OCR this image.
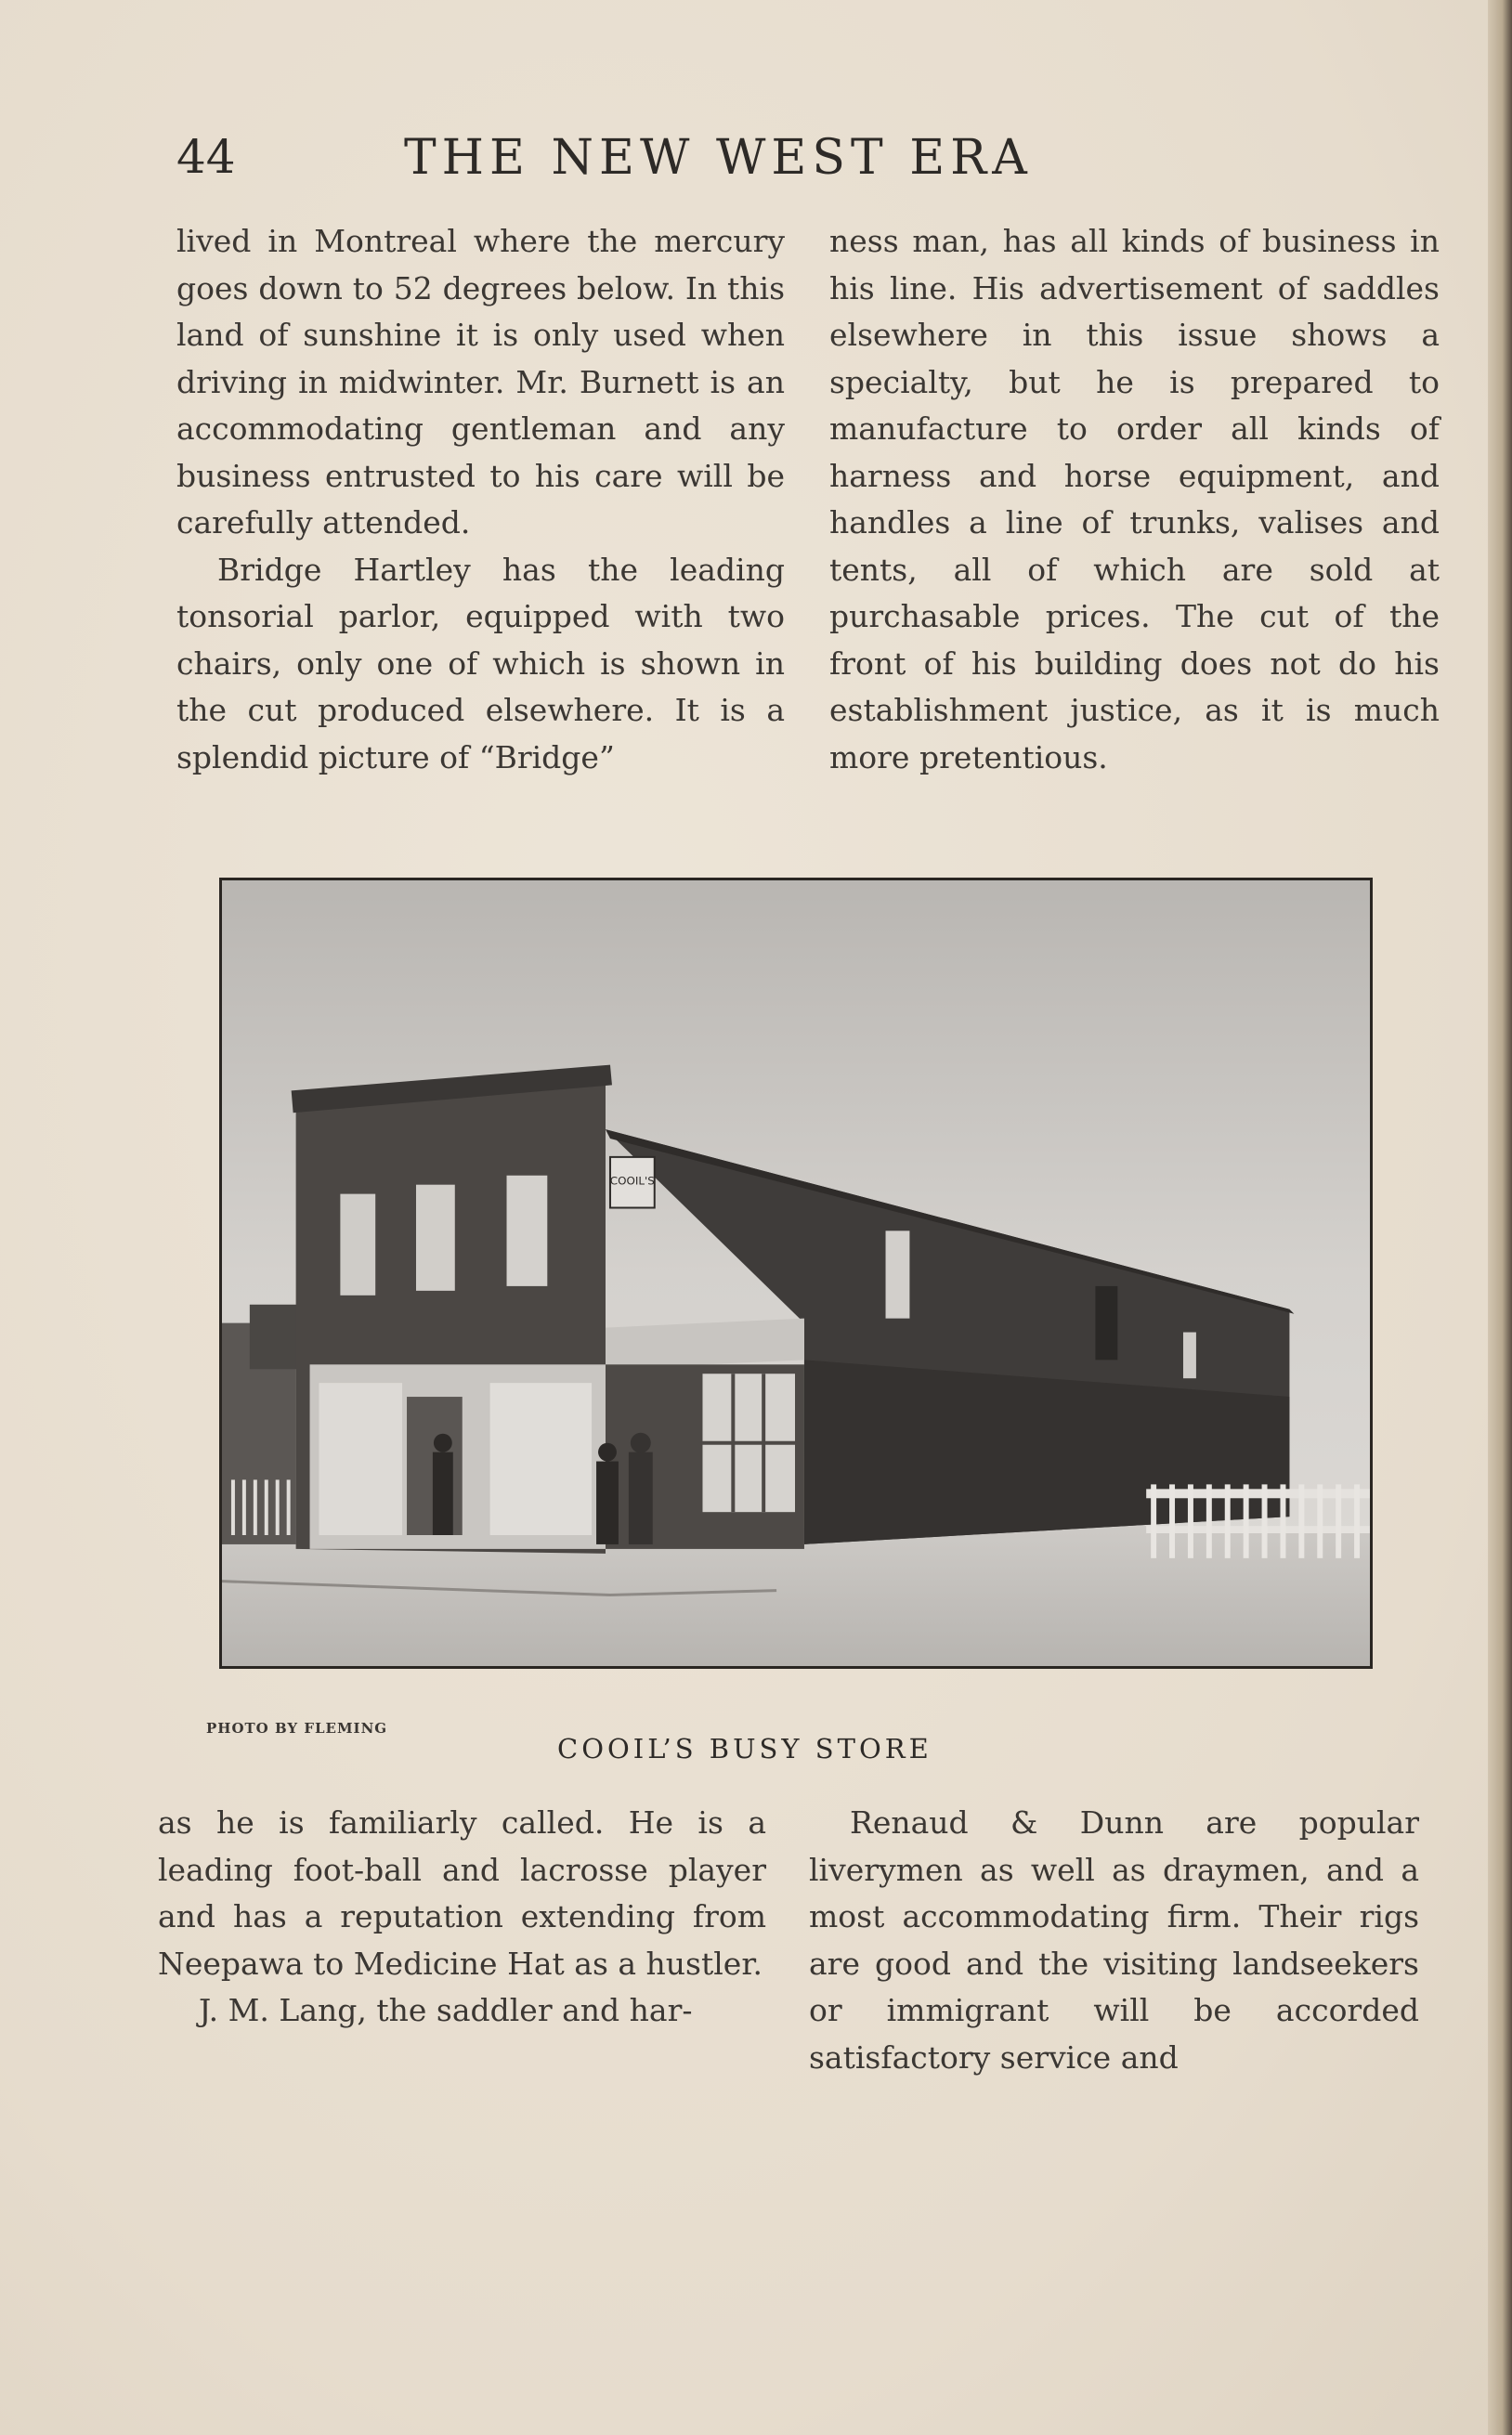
44	THE NEW WEST ERA

lived in Montreal where the mercury goes down to 52 degrees below. In this land of sunshine it is only used when driving in midwinter. Mr. Burnett is an accommodating gentleman and any business entrusted to his care will be carefully attended.

Bridge Hartley has the leading tonsorial parlor, equipped with two chairs, only one of which is shown in the cut produced elsewhere. It is a splendid picture of “Bridge”

ness man, has all kinds of business in his line. His advertisement of saddles elsewhere in this issue shows a specialty, but he is prepared to manufacture to order all kinds of harness and horse equipment, and handles a line of trunks, valises and tents, all of which are sold at purchasable prices. The cut of the front of his building does not do his establishment justice, as it is much more pretentious.

COOIL'S
PHOTO BY FLEMING
COOIL’S BUSY STORE

as he is familiarly called. He is a leading foot-ball and lacrosse player and has a reputation extending from Neepawa to Medicine Hat as a hustler.

J. M. Lang, the saddler and har-

Renaud & Dunn are popular liverymen as well as draymen, and a most accommodating firm. Their rigs are good and the visiting landseekers or immigrant will be accorded satisfactory service and
